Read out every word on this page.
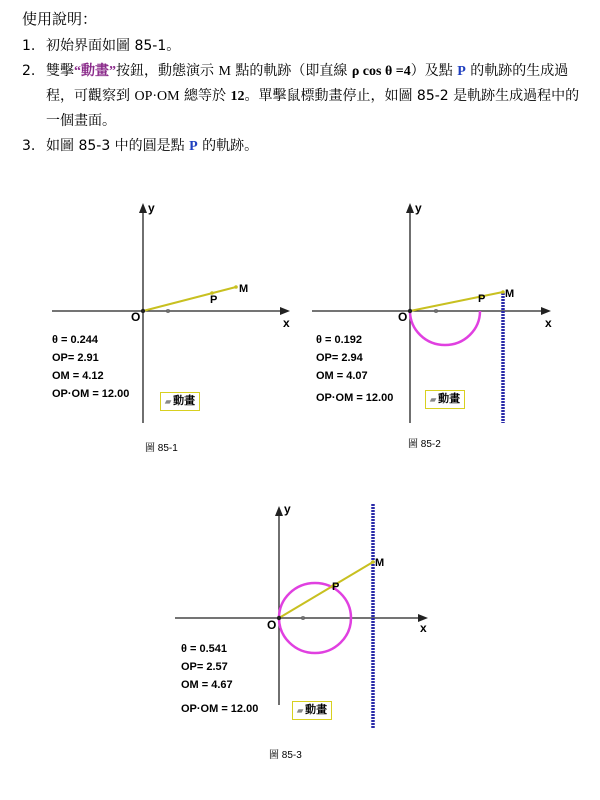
使用說明：
1. 初始界面如圖 85-1。
2. 雙擊“動畫”按鈕，動態演示 M 點的軌跡（即直線 ρ cos θ =4）及點 P 的軌跡的生成過程，可觀察到 OP·OM 總等於 12。單擊鼠標動畫停止，如圖 85-2 是軌跡生成過程中的一個畫面。
3. 如圖 85-3 中的圓是點 P 的軌跡。
y
x
O
P
M
θ = 0.244
OP= 2.91
OM = 4.12
OP·OM = 12.00
▰ 動畫
圖 85-1
y
x
O
P M
θ = 0.192
OP= 2.94
OM = 4.07
OP·OM = 12.00	▰ 動畫
圖 85-2
y
x
O
P
M
θ = 0.541
OP= 2.57
OM = 4.67
OP·OM = 12.00	▰ 動畫
圖 85-3
